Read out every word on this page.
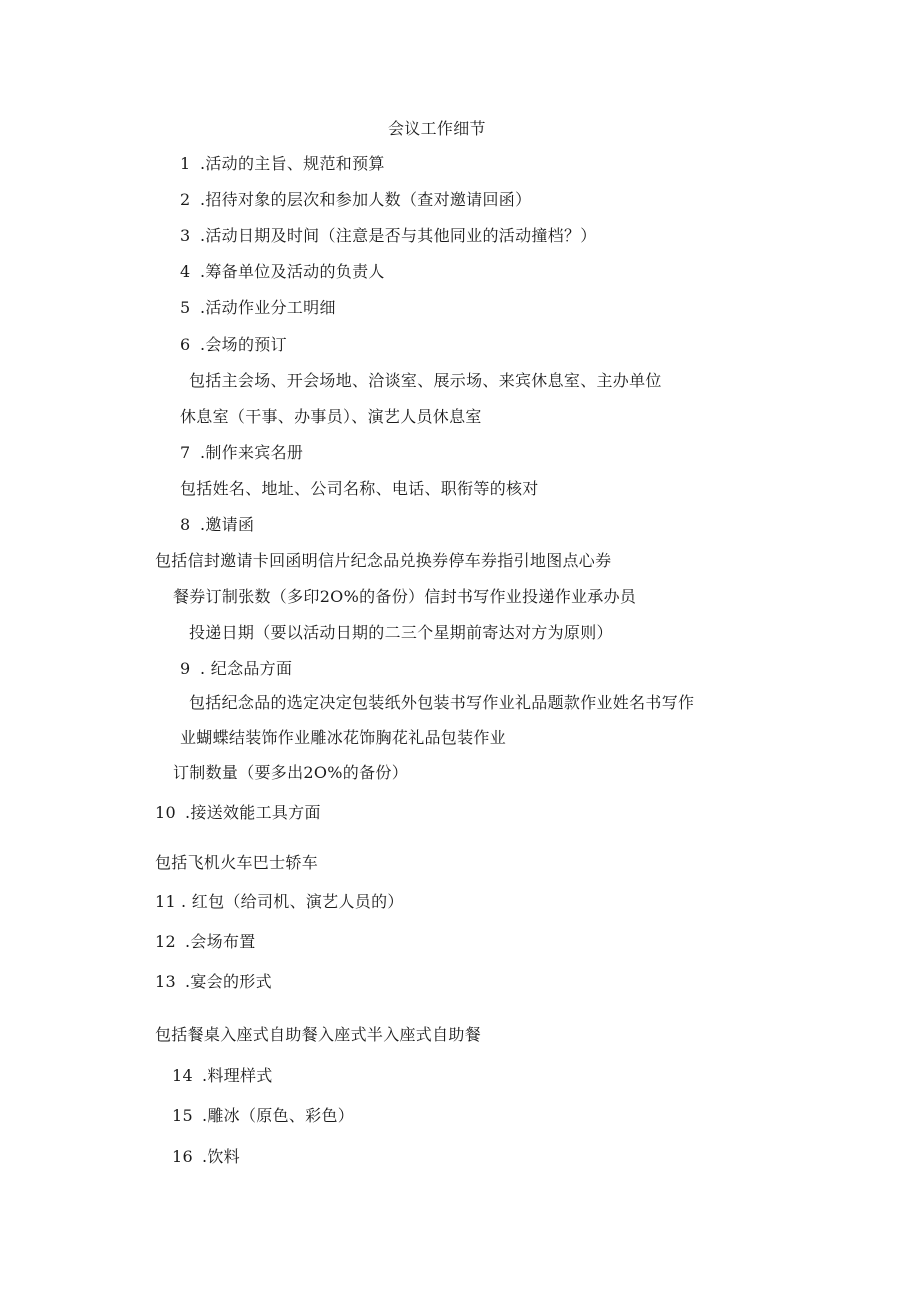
会议工作细节
1 .活动的主旨、规范和预算
2 .招待对象的层次和参加人数（查对邀请回函）
3 .活动日期及时间（注意是否与其他同业的活动撞档？）
4 .筹备单位及活动的负责人
5 .活动作业分工明细
6 .会场的预订
包括主会场、开会场地、洽谈室、展示场、来宾休息室、主办单位
休息室（干事、办事员）、演艺人员休息室
7 .制作来宾名册
包括姓名、地址、公司名称、电话、职衔等的核对
8 .邀请函
包括信封邀请卡回函明信片纪念品兑换券停车券指引地图点心券
餐券订制张数（多印2O%的备份）信封书写作业投递作业承办员
投递日期（要以活动日期的二三个星期前寄达对方为原则）
9 . 纪念品方面
包括纪念品的选定决定包装纸外包装书写作业礼品题款作业姓名书写作
业蝴蝶结装饰作业雕冰花饰胸花礼品包装作业
订制数量（要多出2O%的备份）
10 .接送效能工具方面
包括飞机火车巴士轿车
11 . 红包（给司机、演艺人员的）
12 .会场布置
13 .宴会的形式
包括餐桌入座式自助餐入座式半入座式自助餐
14 .料理样式
15 .雕冰（原色、彩色）
16 .饮料
